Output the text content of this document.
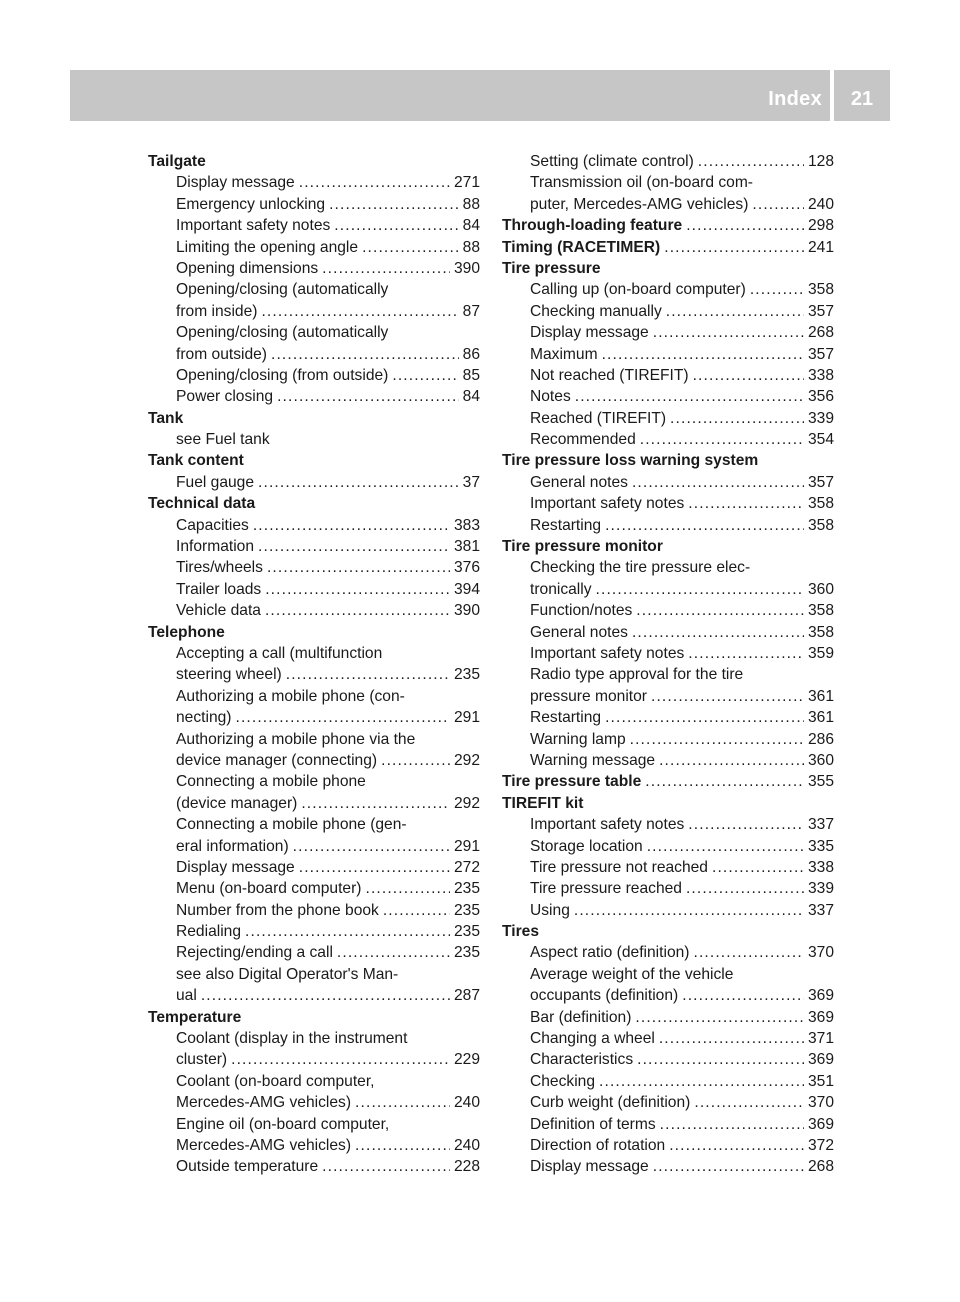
Index	21
Tailgate
Display message . . .	271
Emergency unlocking . . .	88
Important safety notes . . .	84
Limiting the opening angle . . .	88
Opening dimensions . . .	390
Opening/closing (automatically
from inside) . . .	87
Opening/closing (automatically
from outside) . . .	86
Opening/closing (from outside) . . .	85
Power closing . . .	84
Tank
see Fuel tank
Tank content
Fuel gauge . . .	37
Technical data
Capacities . . .	383
Information . . .	381
Tires/wheels . . .	376
Trailer loads . . .	394
Vehicle data . . .	390
Telephone
Accepting a call (multifunction
steering wheel) . . .	235
Authorizing a mobile phone (con-
necting) . . .	291
Authorizing a mobile phone via the
device manager (connecting) . . .	292
Connecting a mobile phone
(device manager) . . .	292
Connecting a mobile phone (gen-
eral information) . . .	291
Display message . . .	272
Menu (on-board computer) . . .	235
Number from the phone book . . .	235
Redialing . . .	235
Rejecting/ending a call . . .	235
see also Digital Operator's Man-
ual . . .	287
Temperature
Coolant (display in the instrument
cluster) . . .	229
Coolant (on-board computer,
Mercedes-AMG vehicles) . . .	240
Engine oil (on-board computer,
Mercedes-AMG vehicles) . . .	240
Outside temperature . . .	228
Setting (climate control) . . .	128
Transmission oil (on-board com-
puter, Mercedes-AMG vehicles) . . .	240
Through-loading feature . . .	298
Timing (RACETIMER) . . .	241
Tire pressure
Calling up (on-board computer) . . .	358
Checking manually . . .	357
Display message . . .	268
Maximum . . .	357
Not reached (TIREFIT) . . .	338
Notes . . .	356
Reached (TIREFIT) . . .	339
Recommended . . .	354
Tire pressure loss warning system
General notes . . .	357
Important safety notes . . .	358
Restarting . . .	358
Tire pressure monitor
Checking the tire pressure elec-
tronically . . .	360
Function/notes . . .	358
General notes . . .	358
Important safety notes . . .	359
Radio type approval for the tire
pressure monitor . . .	361
Restarting . . .	361
Warning lamp . . .	286
Warning message . . .	360
Tire pressure table . . .	355
TIREFIT kit
Important safety notes . . .	337
Storage location . . .	335
Tire pressure not reached . . .	338
Tire pressure reached . . .	339
Using . . .	337
Tires
Aspect ratio (definition) . . .	370
Average weight of the vehicle
occupants (definition) . . .	369
Bar (definition) . . .	369
Changing a wheel . . .	371
Characteristics . . .	369
Checking . . .	351
Curb weight (definition) . . .	370
Definition of terms . . .	369
Direction of rotation . . .	372
Display message . . .	268
